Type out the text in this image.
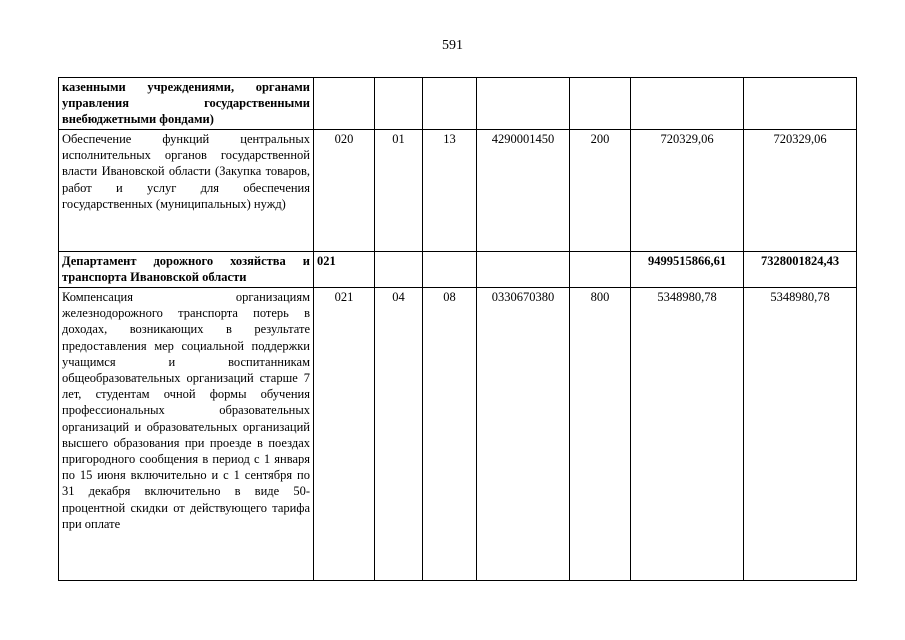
591
казенными учреждениями, органами управления государственными внебюджетными фондами)							
Обеспечение функций центральных исполнительных органов государственной власти Ивановской области (Закупка товаров, работ и услуг для обеспечения государственных (муниципальных) нужд)	020	01	13	4290001450	200	720329,06	720329,06
Департамент дорожного хозяйства и транспорта Ивановской области	021					9499515866,61	7328001824,43
Компенсация организациям железнодорожного транспорта потерь в доходах, возникающих в результате предоставления мер социальной поддержки учащимся и воспитанникам общеобразовательных организаций старше 7 лет, студентам очной формы обучения профессиональных образовательных организаций и образовательных организаций высшего образования при проезде в поездах пригородного сообщения в период с 1 января по 15 июня включительно и с 1 сентября по 31 декабря включительно в виде 50-процентной скидки от действующего тарифа при оплате	021	04	08	0330670380	800	5348980,78	5348980,78
